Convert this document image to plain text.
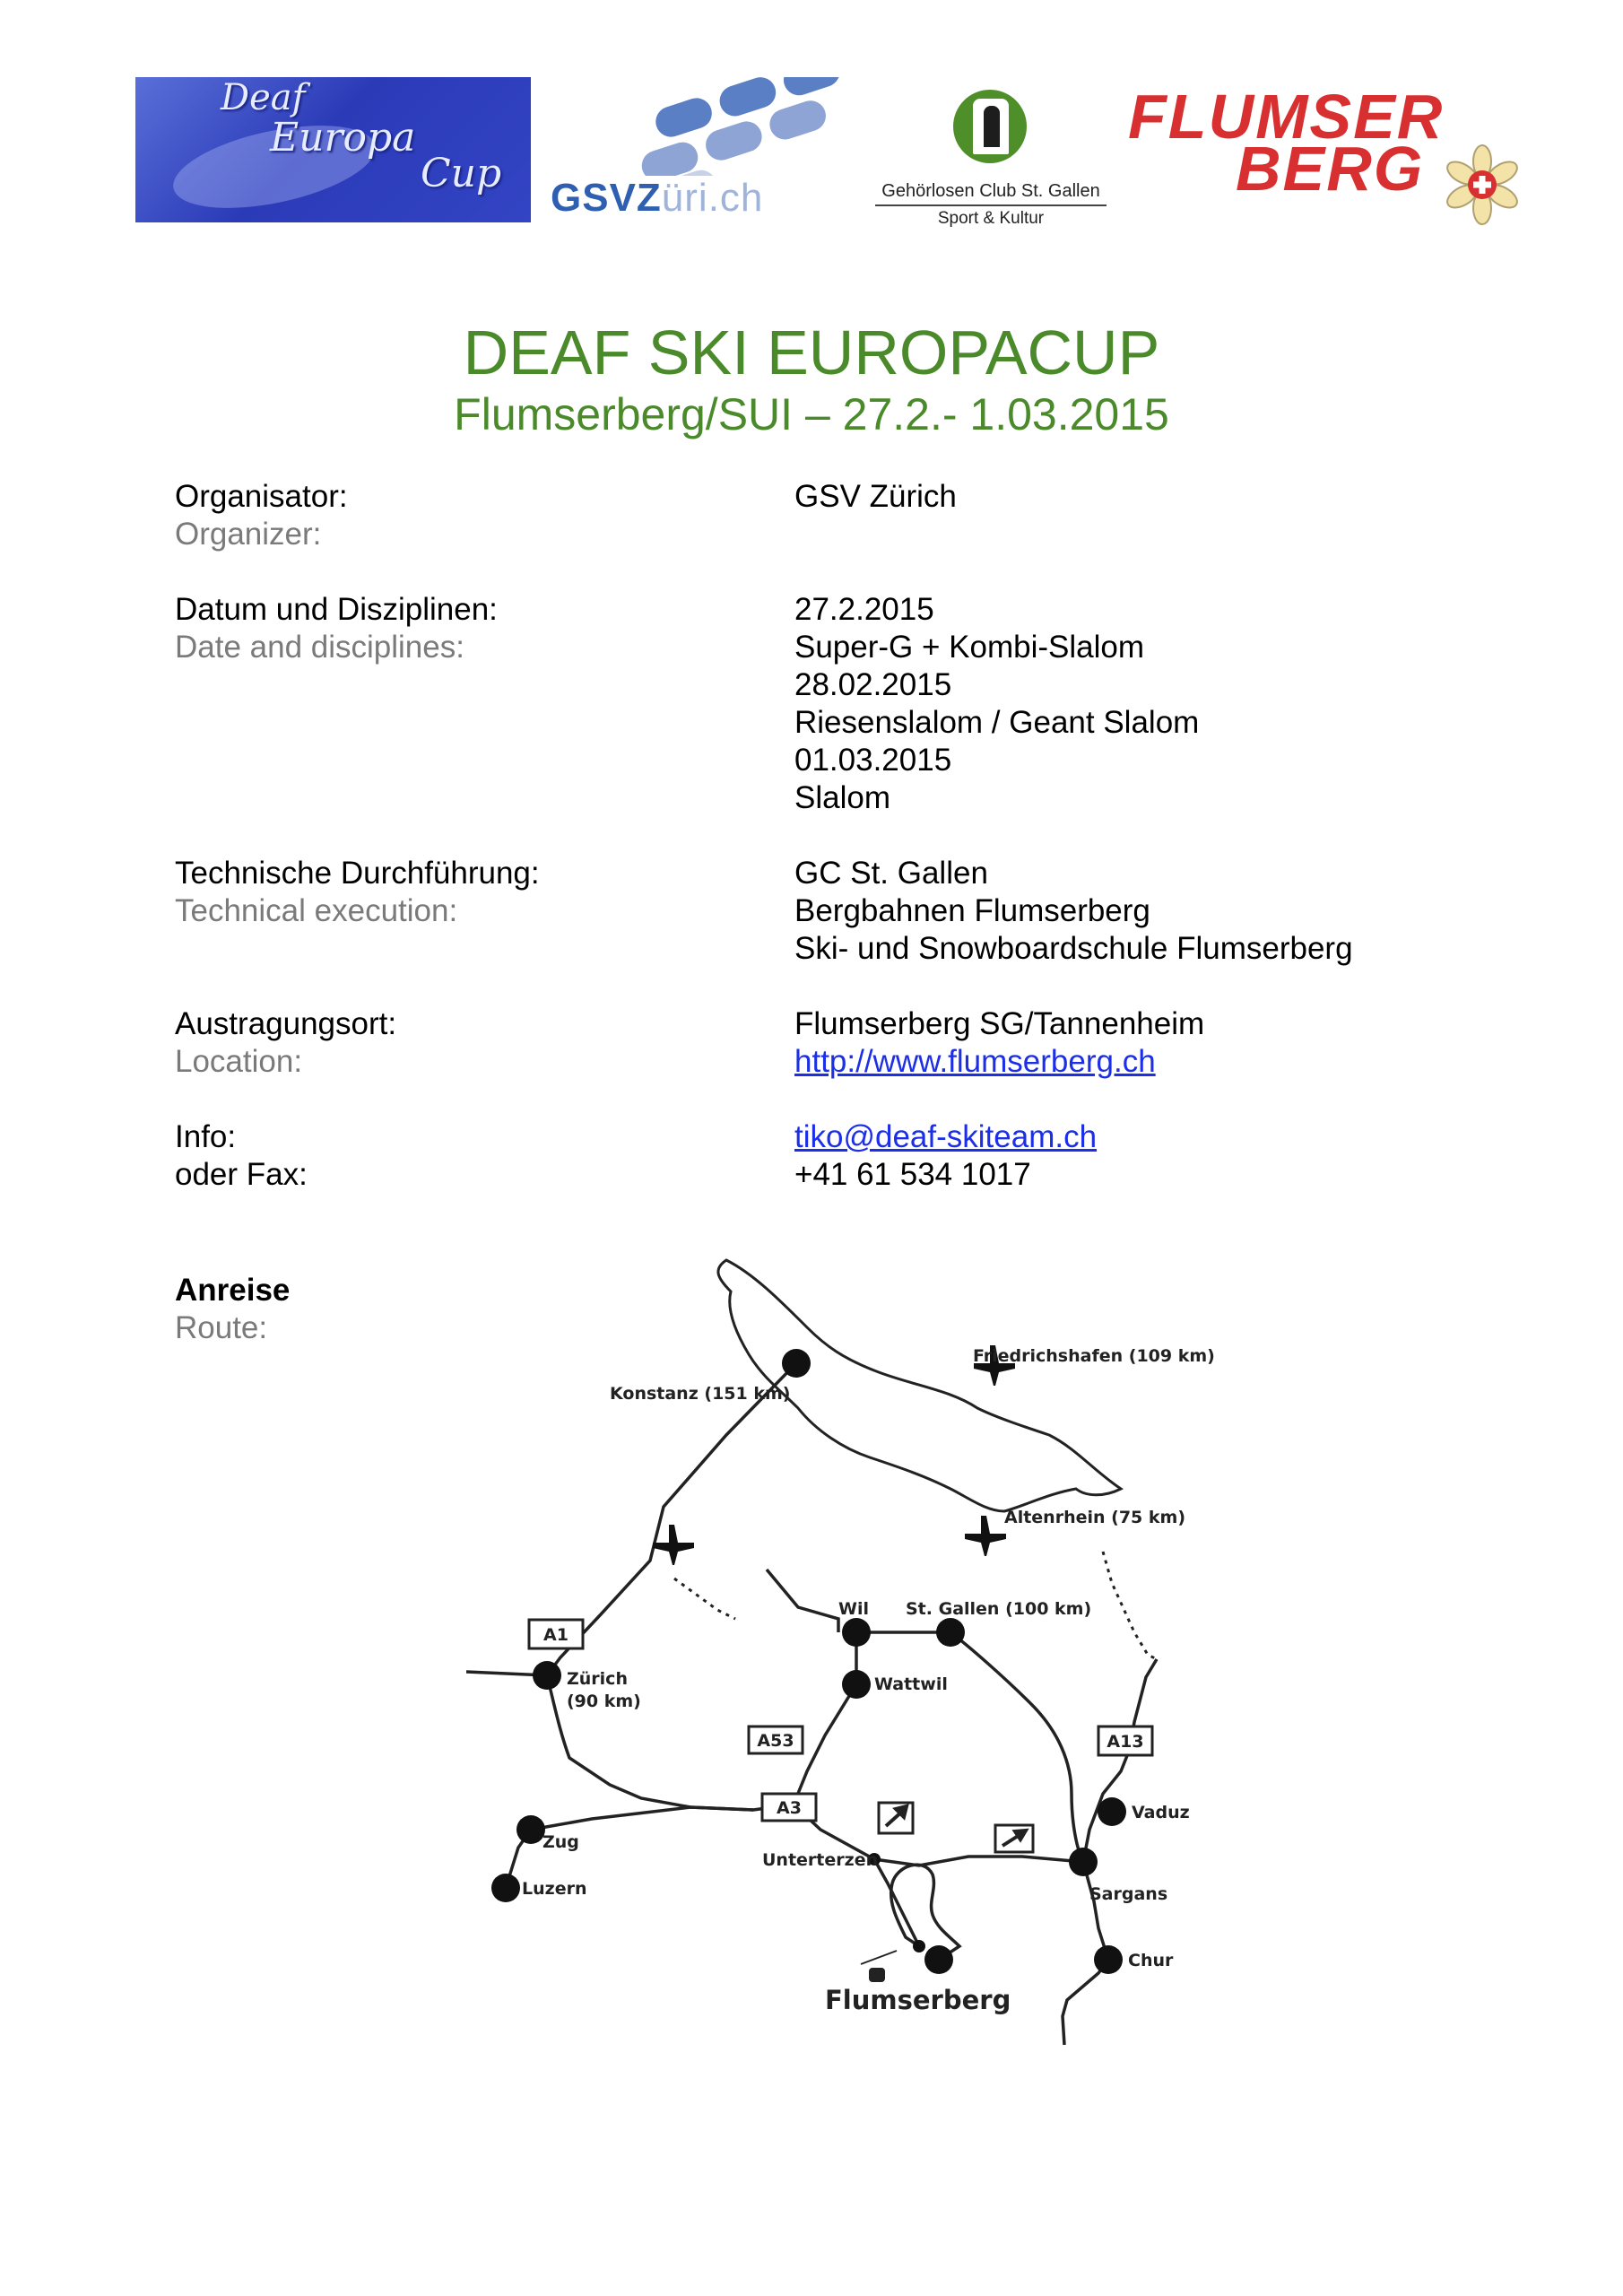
Deaf
Europa
Cup
GSVZüri.ch	Gehörlosen Club St. Gallen
Sport & Kultur
FLUMSER
BERG
DEAF SKI EUROPACUP
Flumserberg/SUI – 27.2.- 1.03.2015
Organisator:
Organizer:
GSV Zürich
Datum und Disziplinen:
Date and disciplines:
27.2.2015
Super-G + Kombi-Slalom
28.02.2015
Riesenslalom / Geant Slalom
01.03.2015
Slalom
Technische Durchführung:
Technical execution:
GC St. Gallen
Bergbahnen Flumserberg
Ski- und Snowboardschule Flumserberg
Austragungsort:
Location:
Flumserberg SG/Tannenheim
http://www.flumserberg.ch
Info:
oder Fax:
tiko@deaf-skiteam.ch
+41 61 534 1017
Anreise
Route:
Konstanz (151 km)
Friedrichshafen (109 km)
Altenrhein (75 km)
Wil St. Gallen (100 km)
Zürich
(90 km)
Wattwil
Vaduz
Zug
Luzern
Unterterzen
Sargans
Chur
Flumserberg
A1
A53
A3
A13
